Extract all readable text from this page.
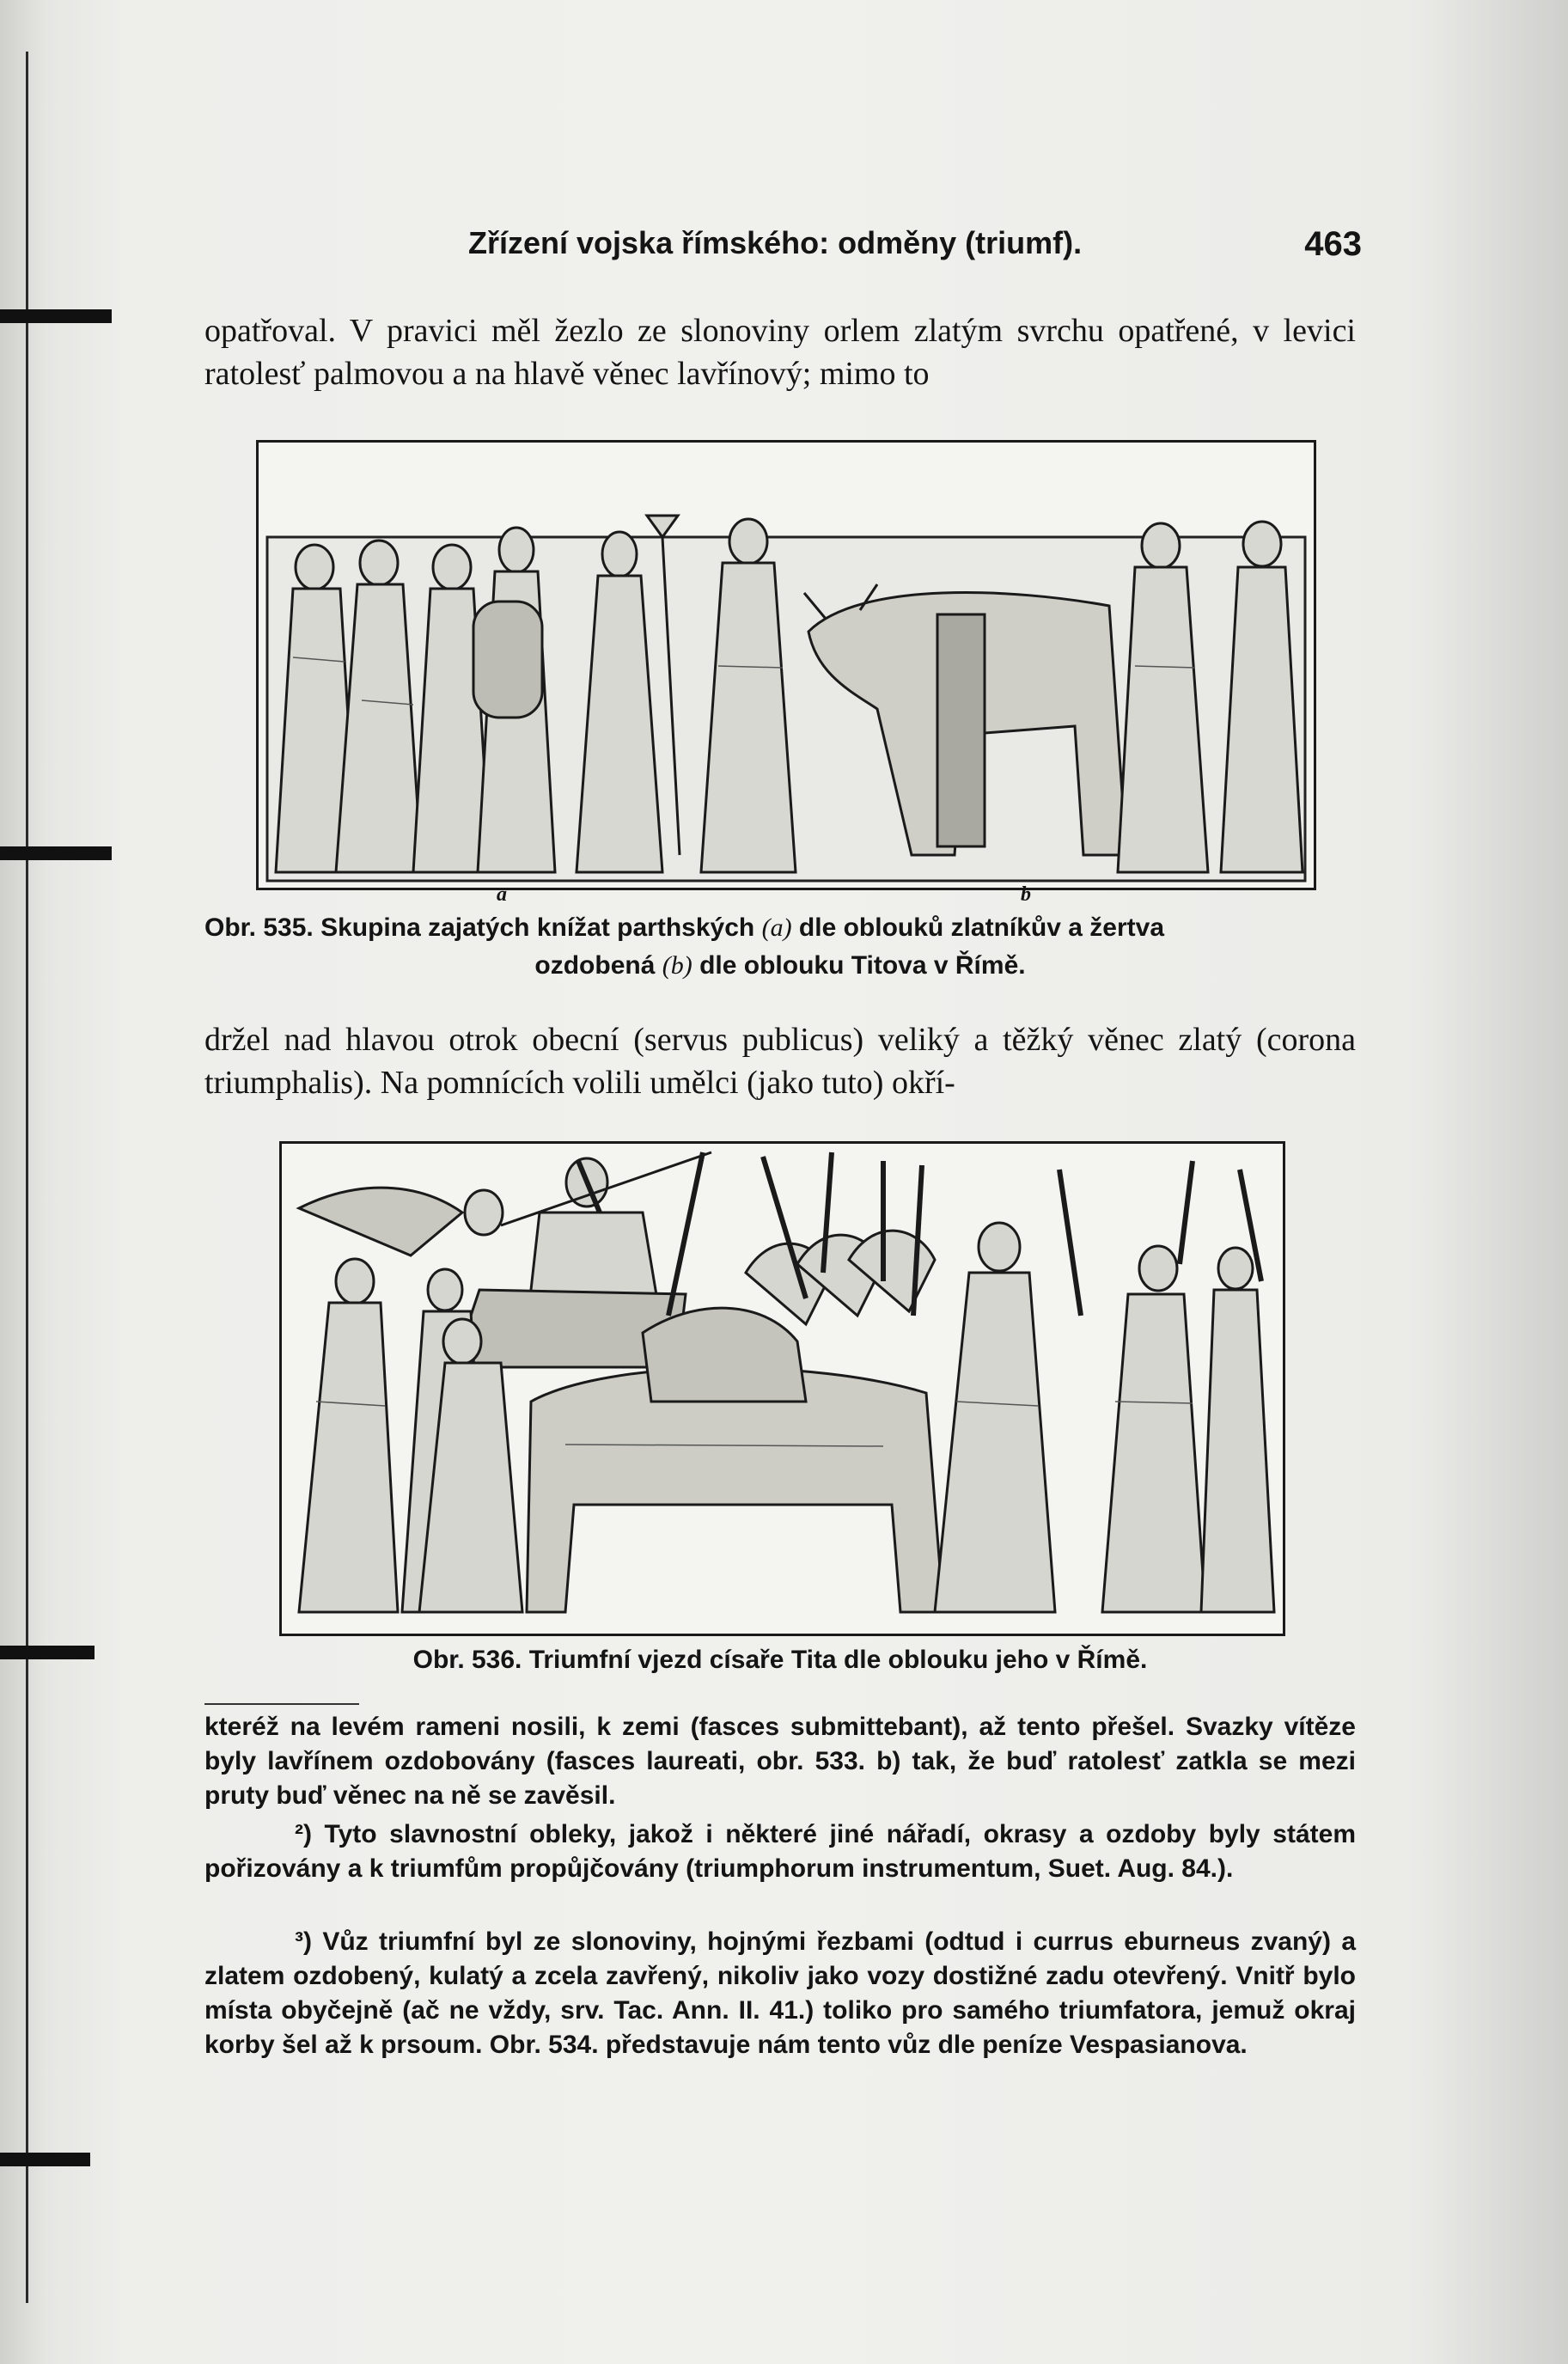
Zřízení vojska římského: odměny (triumf).	463
opatřoval. V pravici měl žezlo ze slonoviny orlem zlatým svrchu opatřené, v levici ratolesť palmovou a na hlavě věnec lavřínový; mimo to
a	b
Obr. 535. Skupina zajatých knížat parthských (a) dle oblouků zlatníkův a žertva
ozdobená (b) dle oblouku Titova v Římě.
držel nad hlavou otrok obecní (servus publicus) veliký a těžký věnec zlatý (corona triumphalis). Na pomnících volili umělci (jako tuto) okří-
Obr. 536. Triumfní vjezd císaře Tita dle oblouku jeho v Římě.
kteréž na levém rameni nosili, k zemi (fasces submittebant), až tento přešel. Svazky vítěze byly lavřínem ozdobovány (fasces laureati, obr. 533. b) tak, že buď ratolesť zatkla se mezi pruty buď věnec na ně se zavěsil.
²) Tyto slavnostní obleky, jakož i některé jiné nářadí, okrasy a ozdoby byly státem pořizovány a k triumfům propůjčovány (triumphorum instrumentum, Suet. Aug. 84.).
³) Vůz triumfní byl ze slonoviny, hojnými řezbami (odtud i currus eburneus zvaný) a zlatem ozdobený, kulatý a zcela zavřený, nikoliv jako vozy dostižné zadu otevřený. Vnitř bylo místa obyčejně (ač ne vždy, srv. Tac. Ann. II. 41.) toliko pro samého triumfatora, jemuž okraj korby šel až k prsoum. Obr. 534. představuje nám tento vůz dle peníze Vespasianova.
